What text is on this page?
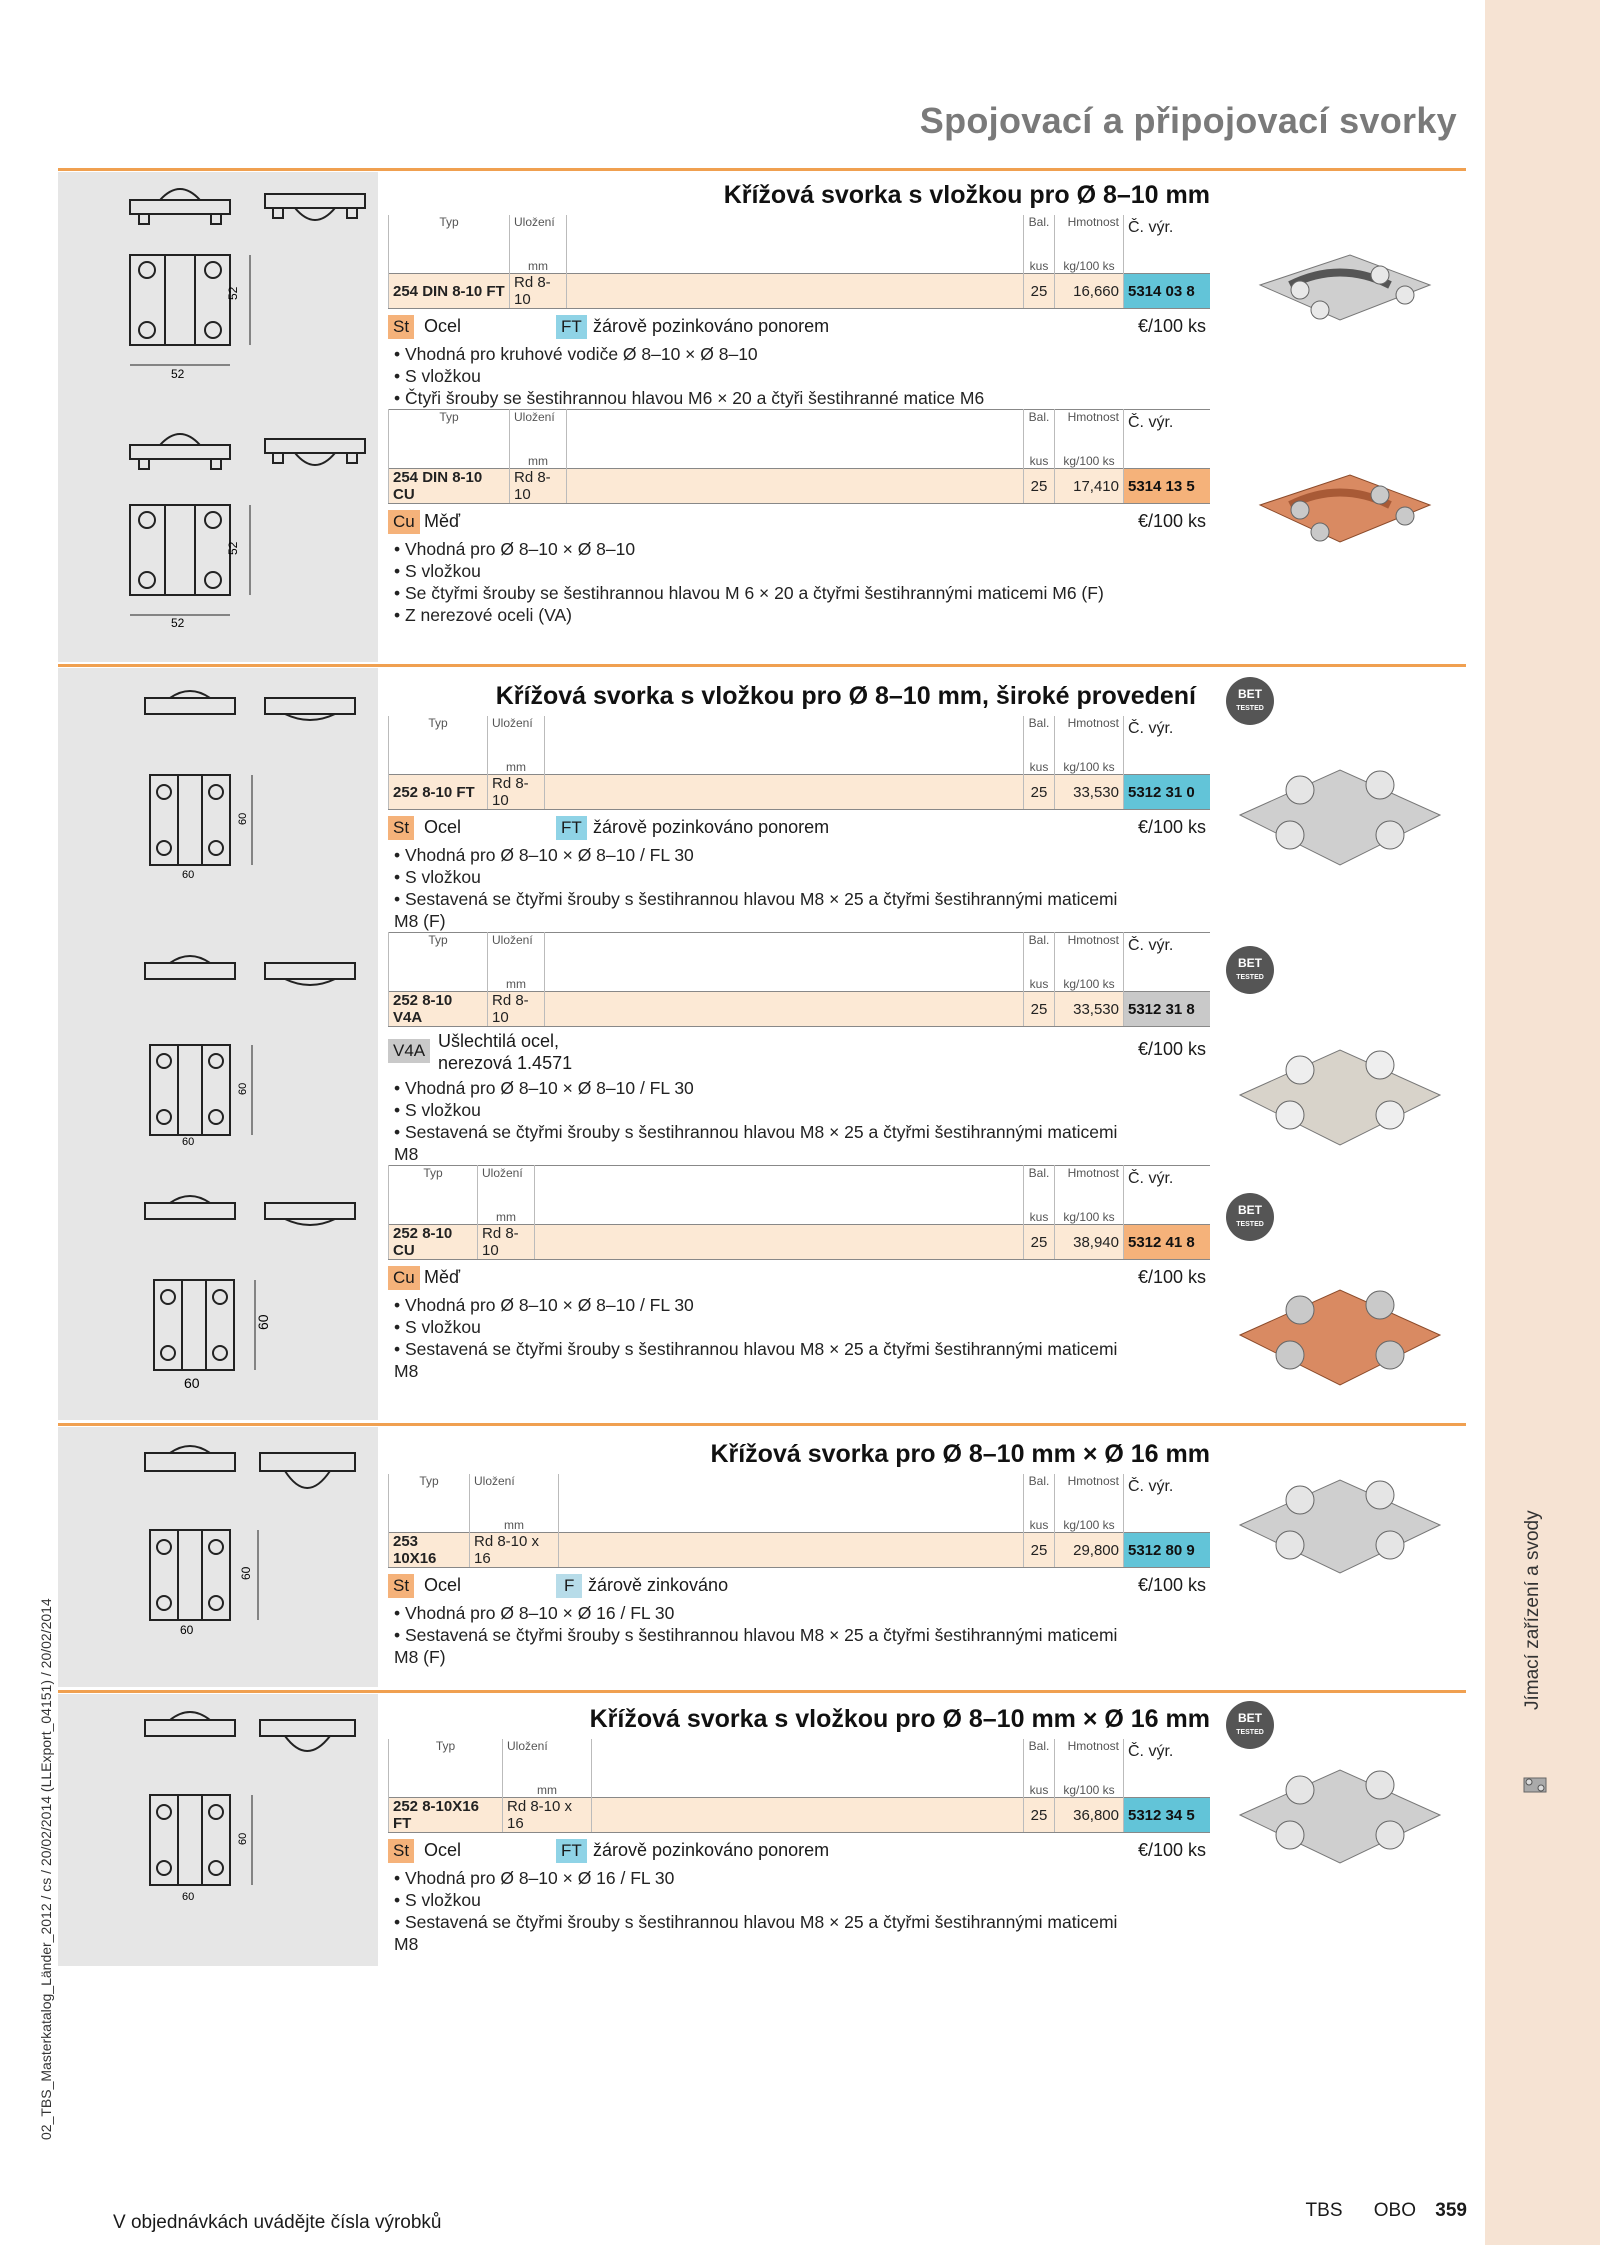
Jímací zařízení a svody
02_TBS_Masterkatalog_Länder_2012 / cs / 20/02/2014 (LLExport_04151) / 20/02/2014
Spojovací a připojovací svorky
52
52
52
52
60
60
60
60
60
60
60
60
60
60
BET
TESTED
BET
TESTED
BET
TESTED
BET
TESTED
Křížová svorka s vložkou pro Ø 8–10 mm
Typ	Uložení		Bal.	Hmotnost	Č. výr.
	mm		kus	kg/100 ks	
254 DIN 8-10 FT	Rd 8-10		25	16,660	5314 03 8
St Ocel	FT žárově pozinkováno ponorem	€/100 ks
• Vhodná pro kruhové vodiče Ø 8–10 × Ø 8–10
• S vložkou
• Čtyři šrouby se šestihrannou hlavou M6 × 20 a čtyři šestihranné matice M6
Typ	Uložení		Bal.	Hmotnost	Č. výr.
	mm		kus	kg/100 ks	
254 DIN 8-10 CU	Rd 8-10		25	17,410	5314 13 5
Cu Měď	€/100 ks
• Vhodná pro Ø 8–10 × Ø 8–10
• S vložkou
• Se čtyřmi šrouby se šestihrannou hlavou M 6 × 20 a čtyřmi šestihrannými maticemi M6 (F)
• Z nerezové oceli (VA)
Křížová svorka s vložkou pro Ø 8–10 mm, široké provedení
Typ	Uložení		Bal.	Hmotnost	Č. výr.
	mm		kus	kg/100 ks	
252 8-10 FT	Rd 8-10		25	33,530	5312 31 0
St Ocel	FT žárově pozinkováno ponorem	€/100 ks
• Vhodná pro Ø 8–10 × Ø 8–10 / FL 30
• S vložkou
• Sestavená se čtyřmi šrouby s šestihrannou hlavou M8 × 25 a čtyřmi šestihrannými maticemi
M8 (F)
Typ	Uložení		Bal.	Hmotnost	Č. výr.
	mm		kus	kg/100 ks	
252 8-10 V4A	Rd 8-10		25	33,530	5312 31 8
V4A Ušlechtilá ocel,
nerezová 1.4571
€/100 ks
• Vhodná pro Ø 8–10 × Ø 8–10 / FL 30
• S vložkou
• Sestavená se čtyřmi šrouby s šestihrannou hlavou M8 × 25 a čtyřmi šestihrannými maticemi
M8
Typ	Uložení		Bal.	Hmotnost	Č. výr.
	mm		kus	kg/100 ks	
252 8-10 CU	Rd 8-10		25	38,940	5312 41 8
Cu Měď	€/100 ks
• Vhodná pro Ø 8–10 × Ø 8–10 / FL 30
• S vložkou
• Sestavená se čtyřmi šrouby s šestihrannou hlavou M8 × 25 a čtyřmi šestihrannými maticemi
M8
Křížová svorka pro Ø 8–10 mm × Ø 16 mm
Typ	Uložení		Bal.	Hmotnost	Č. výr.
	mm		kus	kg/100 ks	
253 10X16	Rd 8-10 x 16		25	29,800	5312 80 9
St Ocel	F žárově zinkováno	€/100 ks
• Vhodná pro Ø 8–10 × Ø 16 / FL 30
• Sestavená se čtyřmi šrouby s šestihrannou hlavou M8 × 25 a čtyřmi šestihrannými maticemi
M8 (F)
Křížová svorka s vložkou pro Ø 8–10 mm × Ø 16 mm
Typ	Uložení		Bal.	Hmotnost	Č. výr.
	mm		kus	kg/100 ks	
252 8-10X16 FT	Rd 8-10 x 16		25	36,800	5312 34 5
St Ocel	FT žárově pozinkováno ponorem	€/100 ks
• Vhodná pro Ø 8–10 × Ø 16 / FL 30
• S vložkou
• Sestavená se čtyřmi šrouby s šestihrannou hlavou M8 × 25 a čtyřmi šestihrannými maticemi
M8
V objednávkách uvádějte čísla výrobků
TBS OBO 359
